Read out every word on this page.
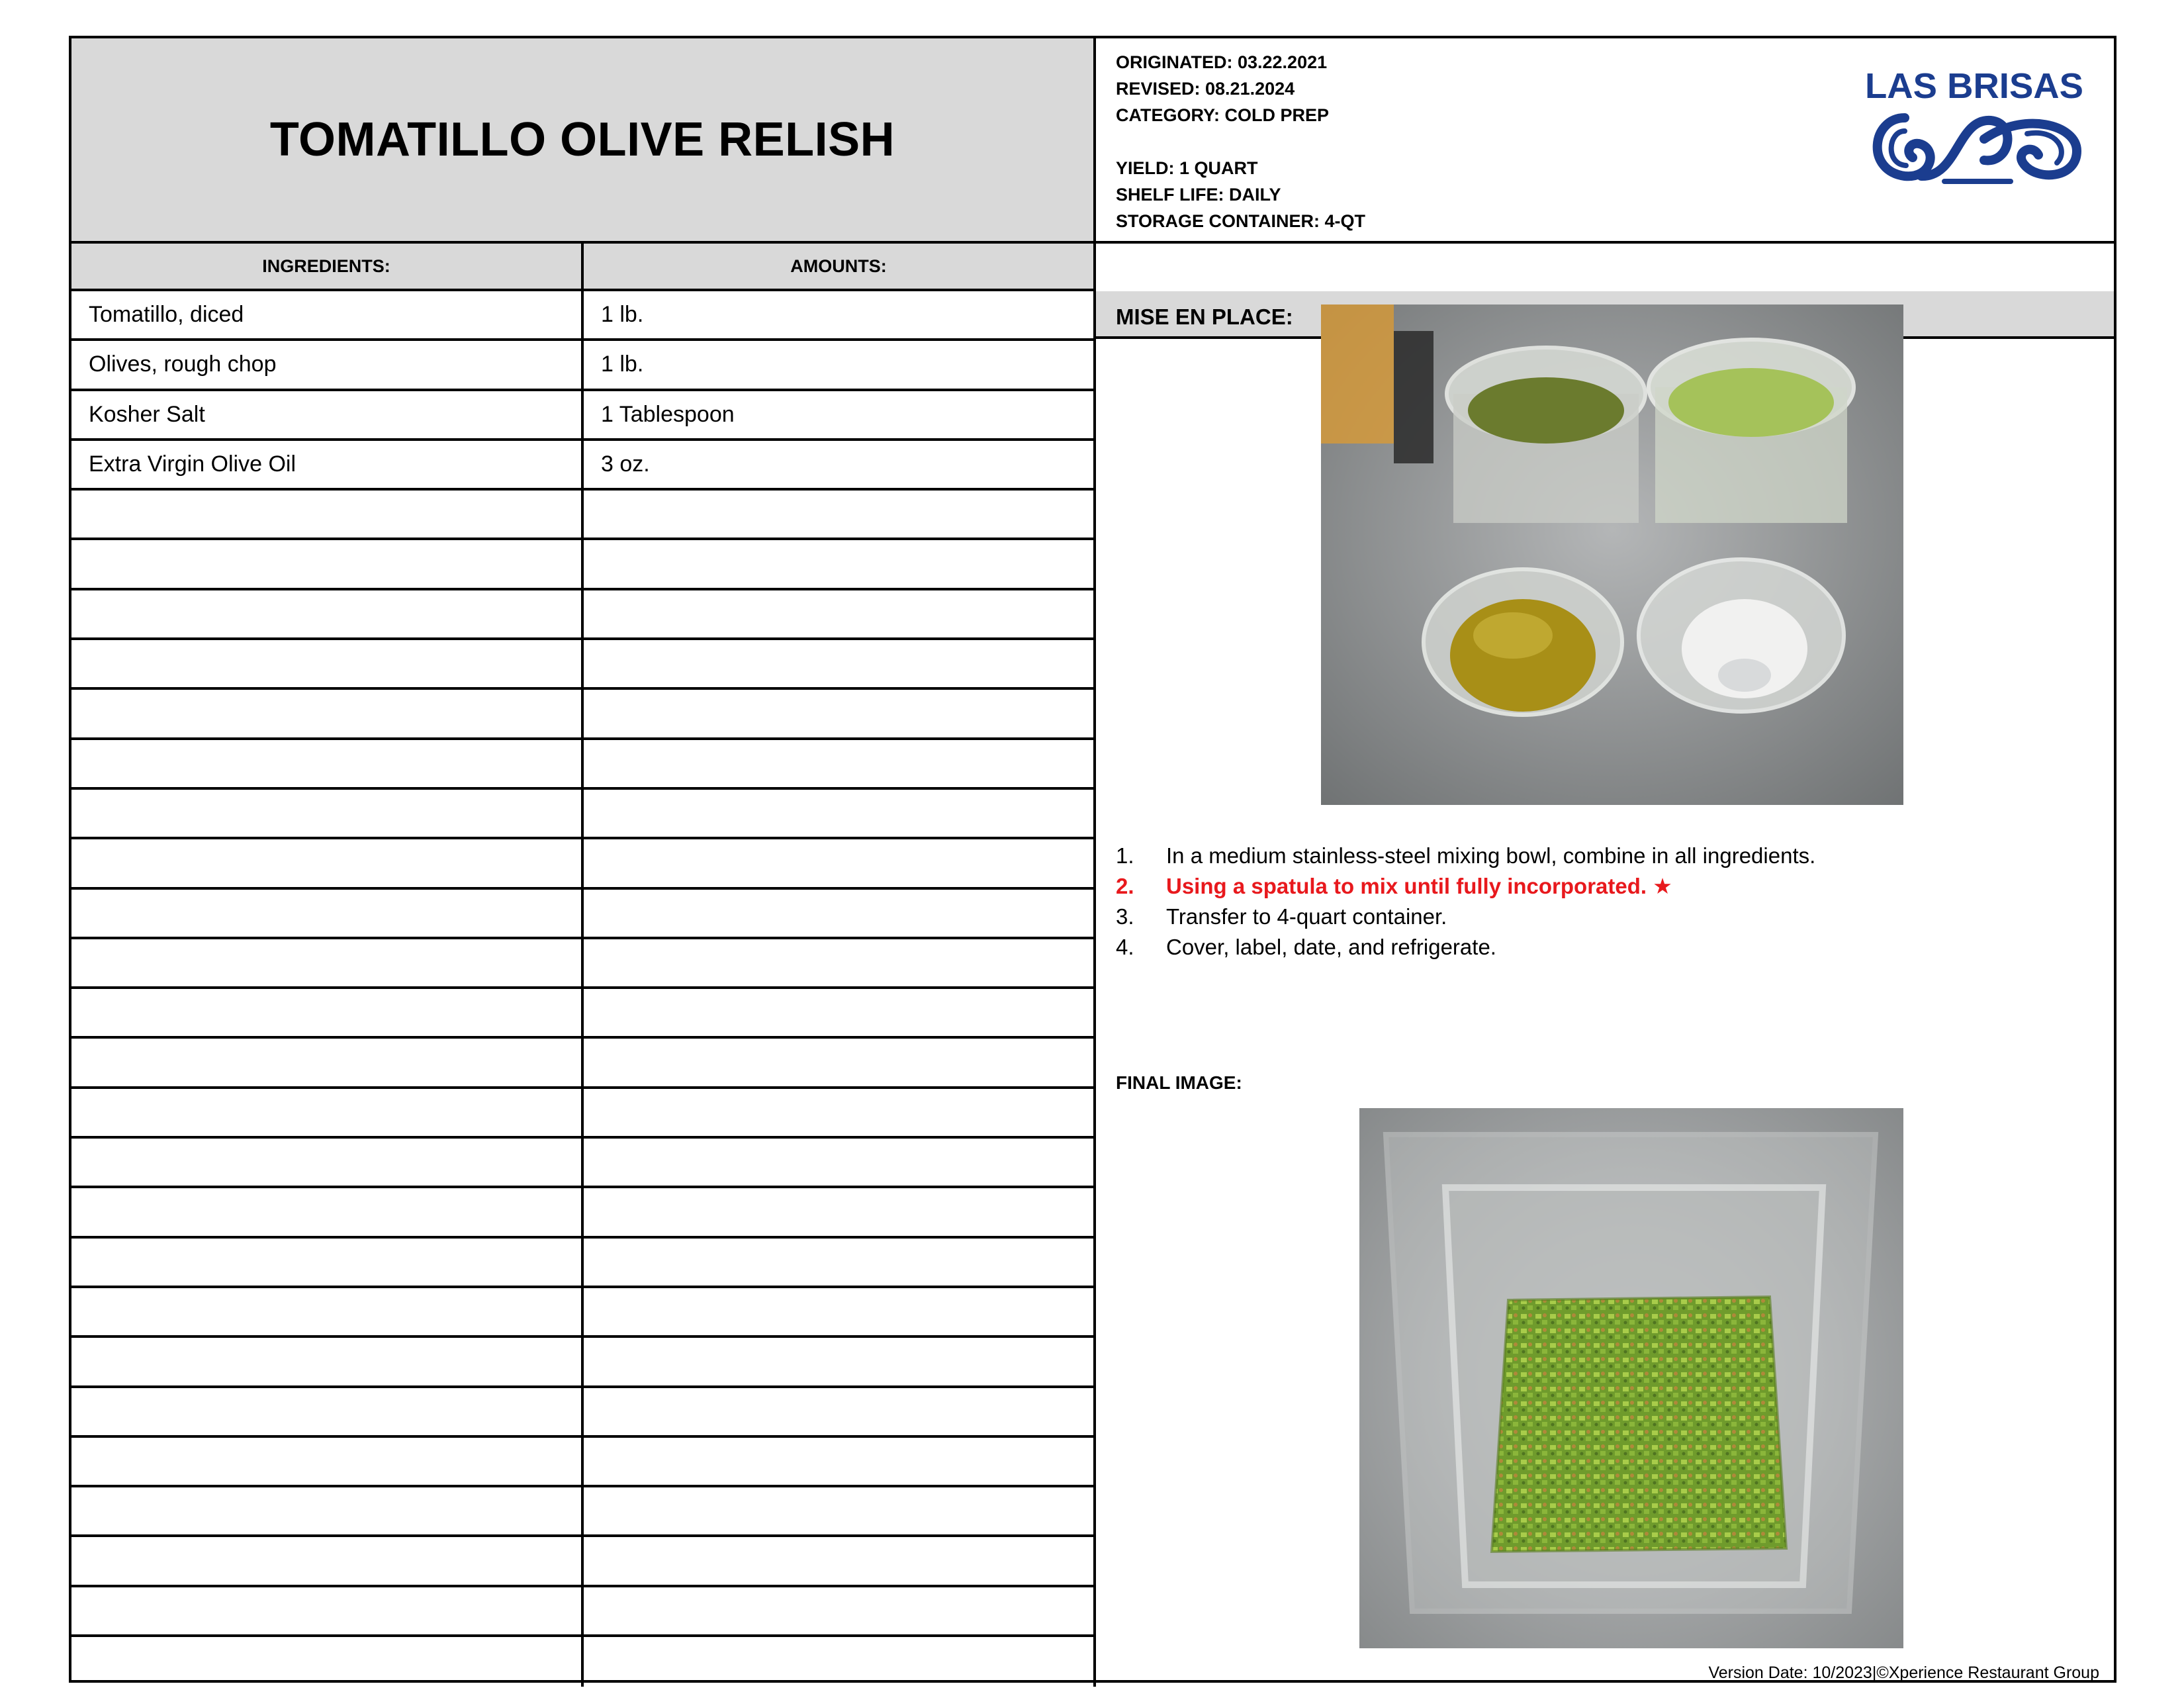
TOMATILLO OLIVE RELISH
ORIGINATED: 03.22.2021
REVISED: 08.21.2024
CATEGORY: COLD PREP
YIELD: 1 QUART
SHELF LIFE: DAILY
STORAGE CONTAINER: 4-QT
LAS BRISAS
INGREDIENTS:	AMOUNTS:
Tomatillo, diced	1 lb.
Olives, rough chop	1 lb.
Kosher Salt	1 Tablespoon
Extra Virgin Olive Oil	3 oz.
MISE EN PLACE:
1.	In a medium stainless-steel mixing bowl, combine in all ingredients.
2.	Using a spatula to mix until fully incorporated. ★
3.	Transfer to 4-quart container.
4.	Cover, label, date, and refrigerate.
FINAL IMAGE:
Version Date: 10/2023|©Xperience Restaurant Group
